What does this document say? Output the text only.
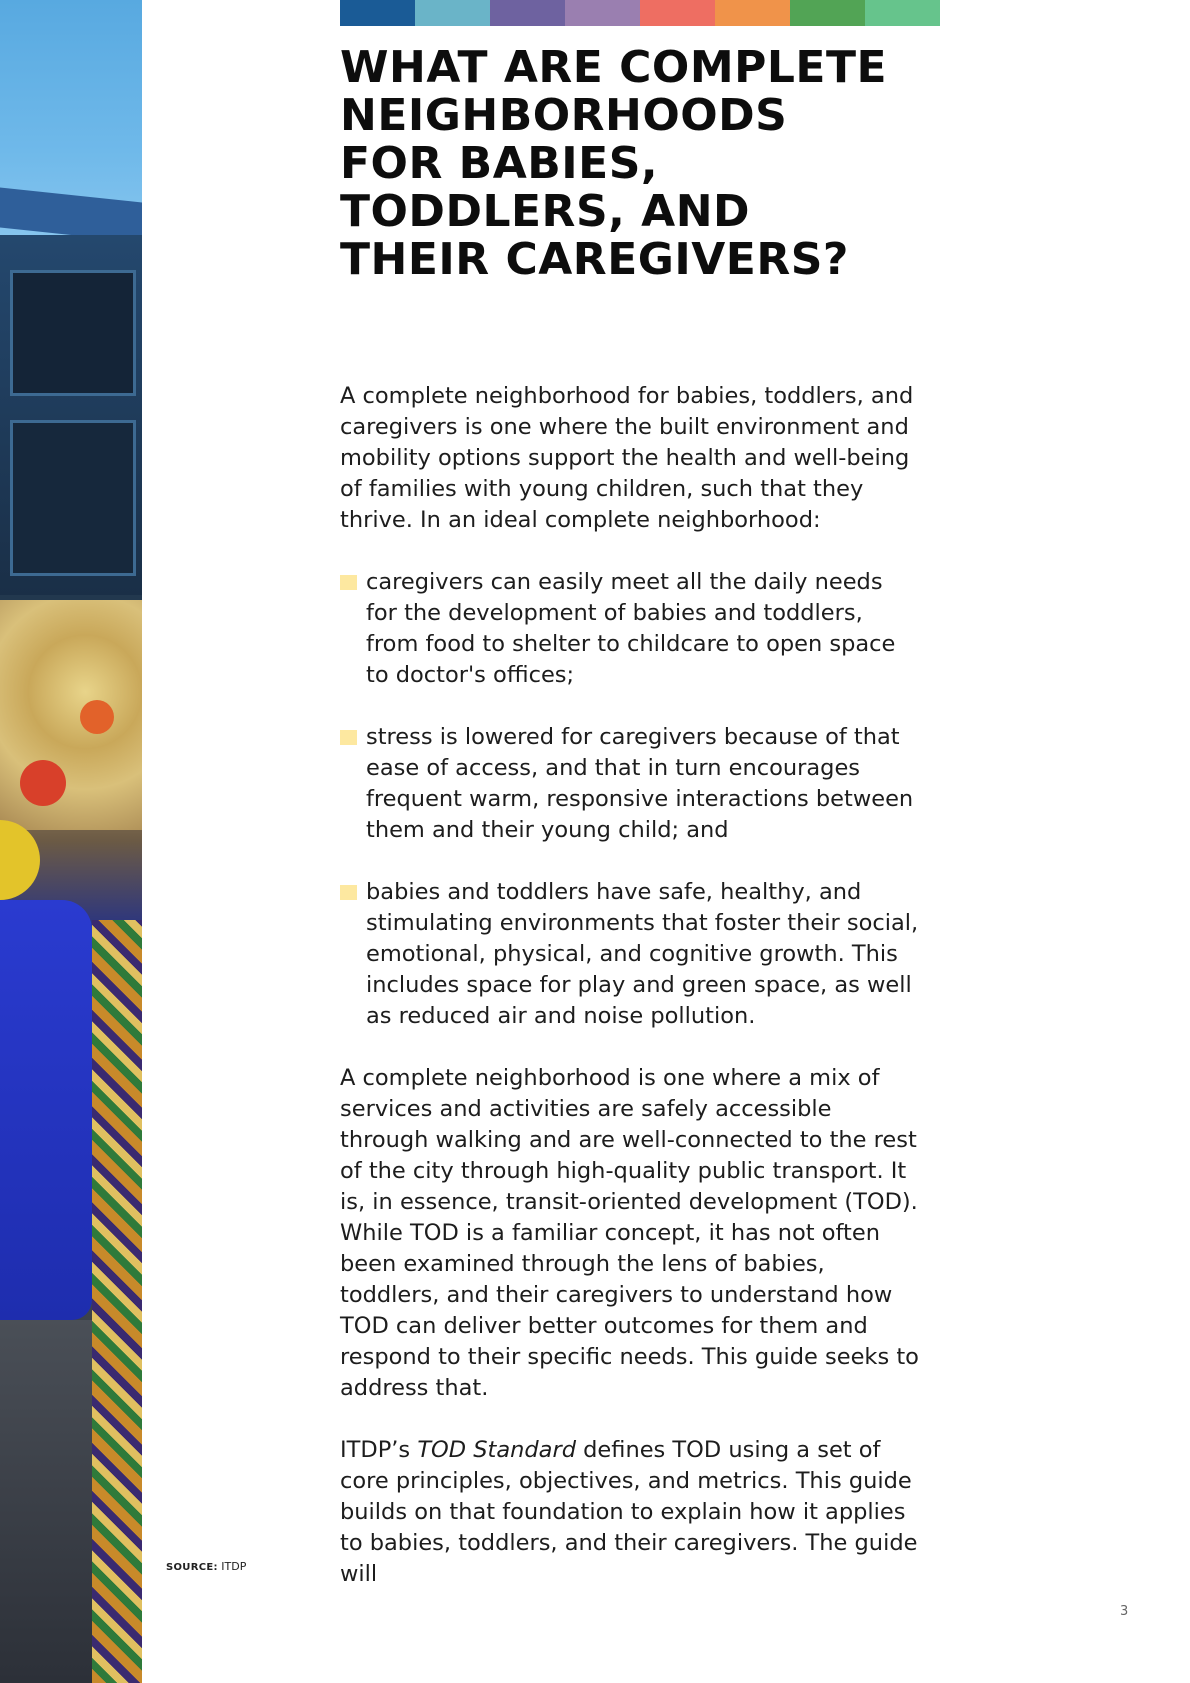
WHAT ARE COMPLETE
NEIGHBORHOODS
FOR BABIES,
TODDLERS, AND
THEIR CAREGIVERS?

A complete neighborhood for babies, toddlers, and caregivers is one where the built environment and mobility options support the health and well-being of families with young children, such that they thrive. In an ideal complete neighborhood:

caregivers can easily meet all the daily needs for the development of babies and toddlers, from food to shelter to childcare to open space to doctor's offices;
stress is lowered for caregivers because of that ease of access, and that in turn encourages frequent warm, responsive interactions between them and their young child; and
babies and toddlers have safe, healthy, and stimulating environments that foster their social, emotional, physical, and cognitive growth. This includes space for play and green space, as well as reduced air and noise pollution.

A complete neighborhood is one where a mix of services and activities are safely accessible through walking and are well-connected to the rest of the city through high-quality public transport. It is, in essence, transit-oriented development (TOD). While TOD is a familiar concept, it has not often been examined through the lens of babies, toddlers, and their caregivers to understand how TOD can deliver better outcomes for them and respond to their specific needs. This guide seeks to address that.

ITDP’s TOD Standard defines TOD using a set of core principles, objectives, and metrics. This guide builds on that foundation to explain how it applies to babies, toddlers, and their caregivers. The guide will

SOURCE: ITDP
3
